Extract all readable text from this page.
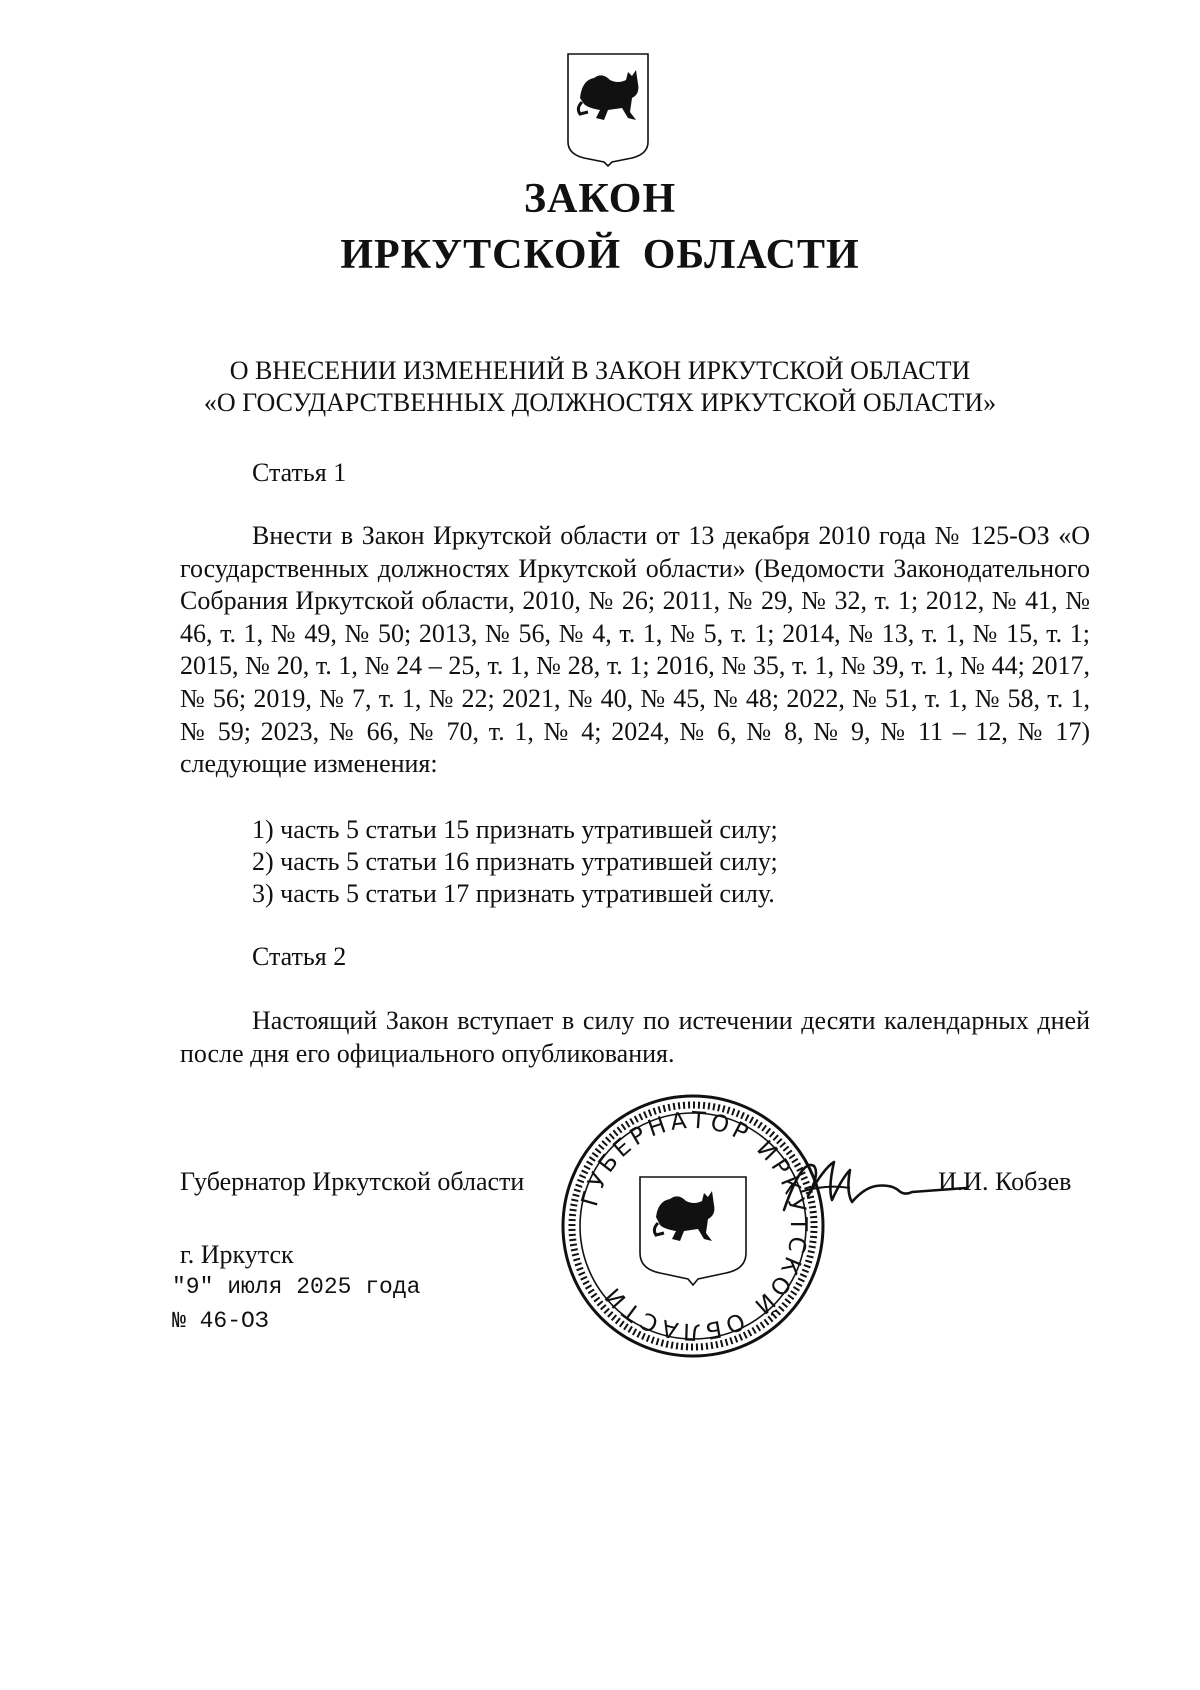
ЗАКОН
ИРКУТСКОЙ ОБЛАСТИ
О ВНЕСЕНИИ ИЗМЕНЕНИЙ В ЗАКОН ИРКУТСКОЙ ОБЛАСТИ
«О ГОСУДАРСТВЕННЫХ ДОЛЖНОСТЯХ ИРКУТСКОЙ ОБЛАСТИ»
Статья 1
Внести в Закон Иркутской области от 13 декабря 2010 года № 125-ОЗ «О государственных должностях Иркутской области» (Ведомости Законодательного Собрания Иркутской области, 2010, № 26; 2011, № 29, № 32, т. 1; 2012, № 41, № 46, т. 1, № 49, № 50; 2013, № 56, № 4, т. 1, № 5, т. 1; 2014, № 13, т. 1, № 15, т. 1; 2015, № 20, т. 1, № 24 – 25, т. 1, № 28, т. 1; 2016, № 35, т. 1, № 39, т. 1, № 44; 2017, № 56; 2019, № 7, т. 1, № 22; 2021, № 40, № 45, № 48; 2022, № 51, т. 1, № 58, т. 1, № 59; 2023, № 66, № 70, т. 1, № 4; 2024, № 6, № 8, № 9, № 11 – 12, № 17) следующие изменения:
1) часть 5 статьи 15 признать утратившей силу;
2) часть 5 статьи 16 признать утратившей силу;
3) часть 5 статьи 17 признать утратившей силу.
Статья 2
Настоящий Закон вступает в силу по истечении десяти календарных дней после дня его официального опубликования.
ГУБЕРНАТОР ИРКУТСКОЙ ОБЛАСТИ
Губернатор Иркутской области	И.И. Кобзев
г. Иркутск
"9" июля 2025 года
№ 46-ОЗ
